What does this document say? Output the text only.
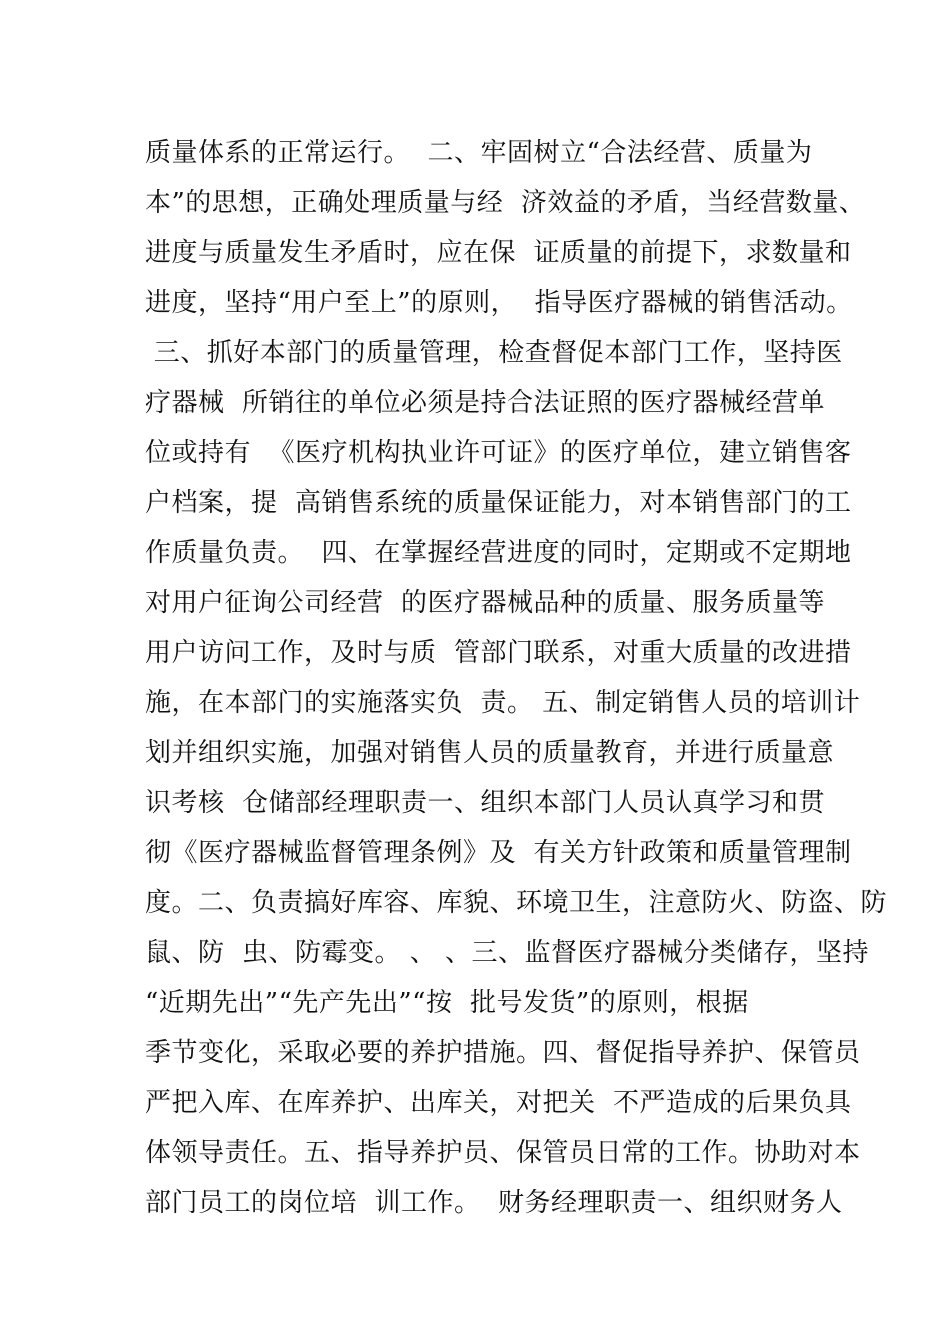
质量体系的正常运行。  二、牢固树立“合法经营、质量为
本”的思想，正确处理质量与经  济效益的矛盾，当经营数量、
进度与质量发生矛盾时，应在保  证质量的前提下，求数量和
进度，坚持“用户至上”的原则，  指导医疗器械的销售活动。
三、抓好本部门的质量管理，检查督促本部门工作，坚持医
疗器械  所销往的单位必须是持合法证照的医疗器械经营单
位或持有  《医疗机构执业许可证》的医疗单位，建立销售客
户档案，提  高销售系统的质量保证能力，对本销售部门的工
作质量负责。  四、在掌握经营进度的同时，定期或不定期地
对用户征询公司经营  的医疗器械品种的质量、服务质量等
用户访问工作，及时与质  管部门联系，对重大质量的改进措
施，在本部门的实施落实负  责。 五、制定销售人员的培训计
划并组织实施，加强对销售人员的质量教育，并进行质量意
识考核  仓储部经理职责一、组织本部门人员认真学习和贯
彻《医疗器械监督管理条例》及  有关方针政策和质量管理制
度。二、负责搞好库容、库貌、环境卫生，注意防火、防盗、防
鼠、防  虫、防霉变。 、 、三、监督医疗器械分类储存，坚持
“近期先出”“先产先出”“按  批号发货”的原则，根据
季节变化，采取必要的养护措施。四、督促指导养护、保管员
严把入库、在库养护、出库关，对把关  不严造成的后果负具
体领导责任。五、指导养护员、保管员日常的工作。协助对本
部门员工的岗位培  训工作。  财务经理职责一、组织财务人
